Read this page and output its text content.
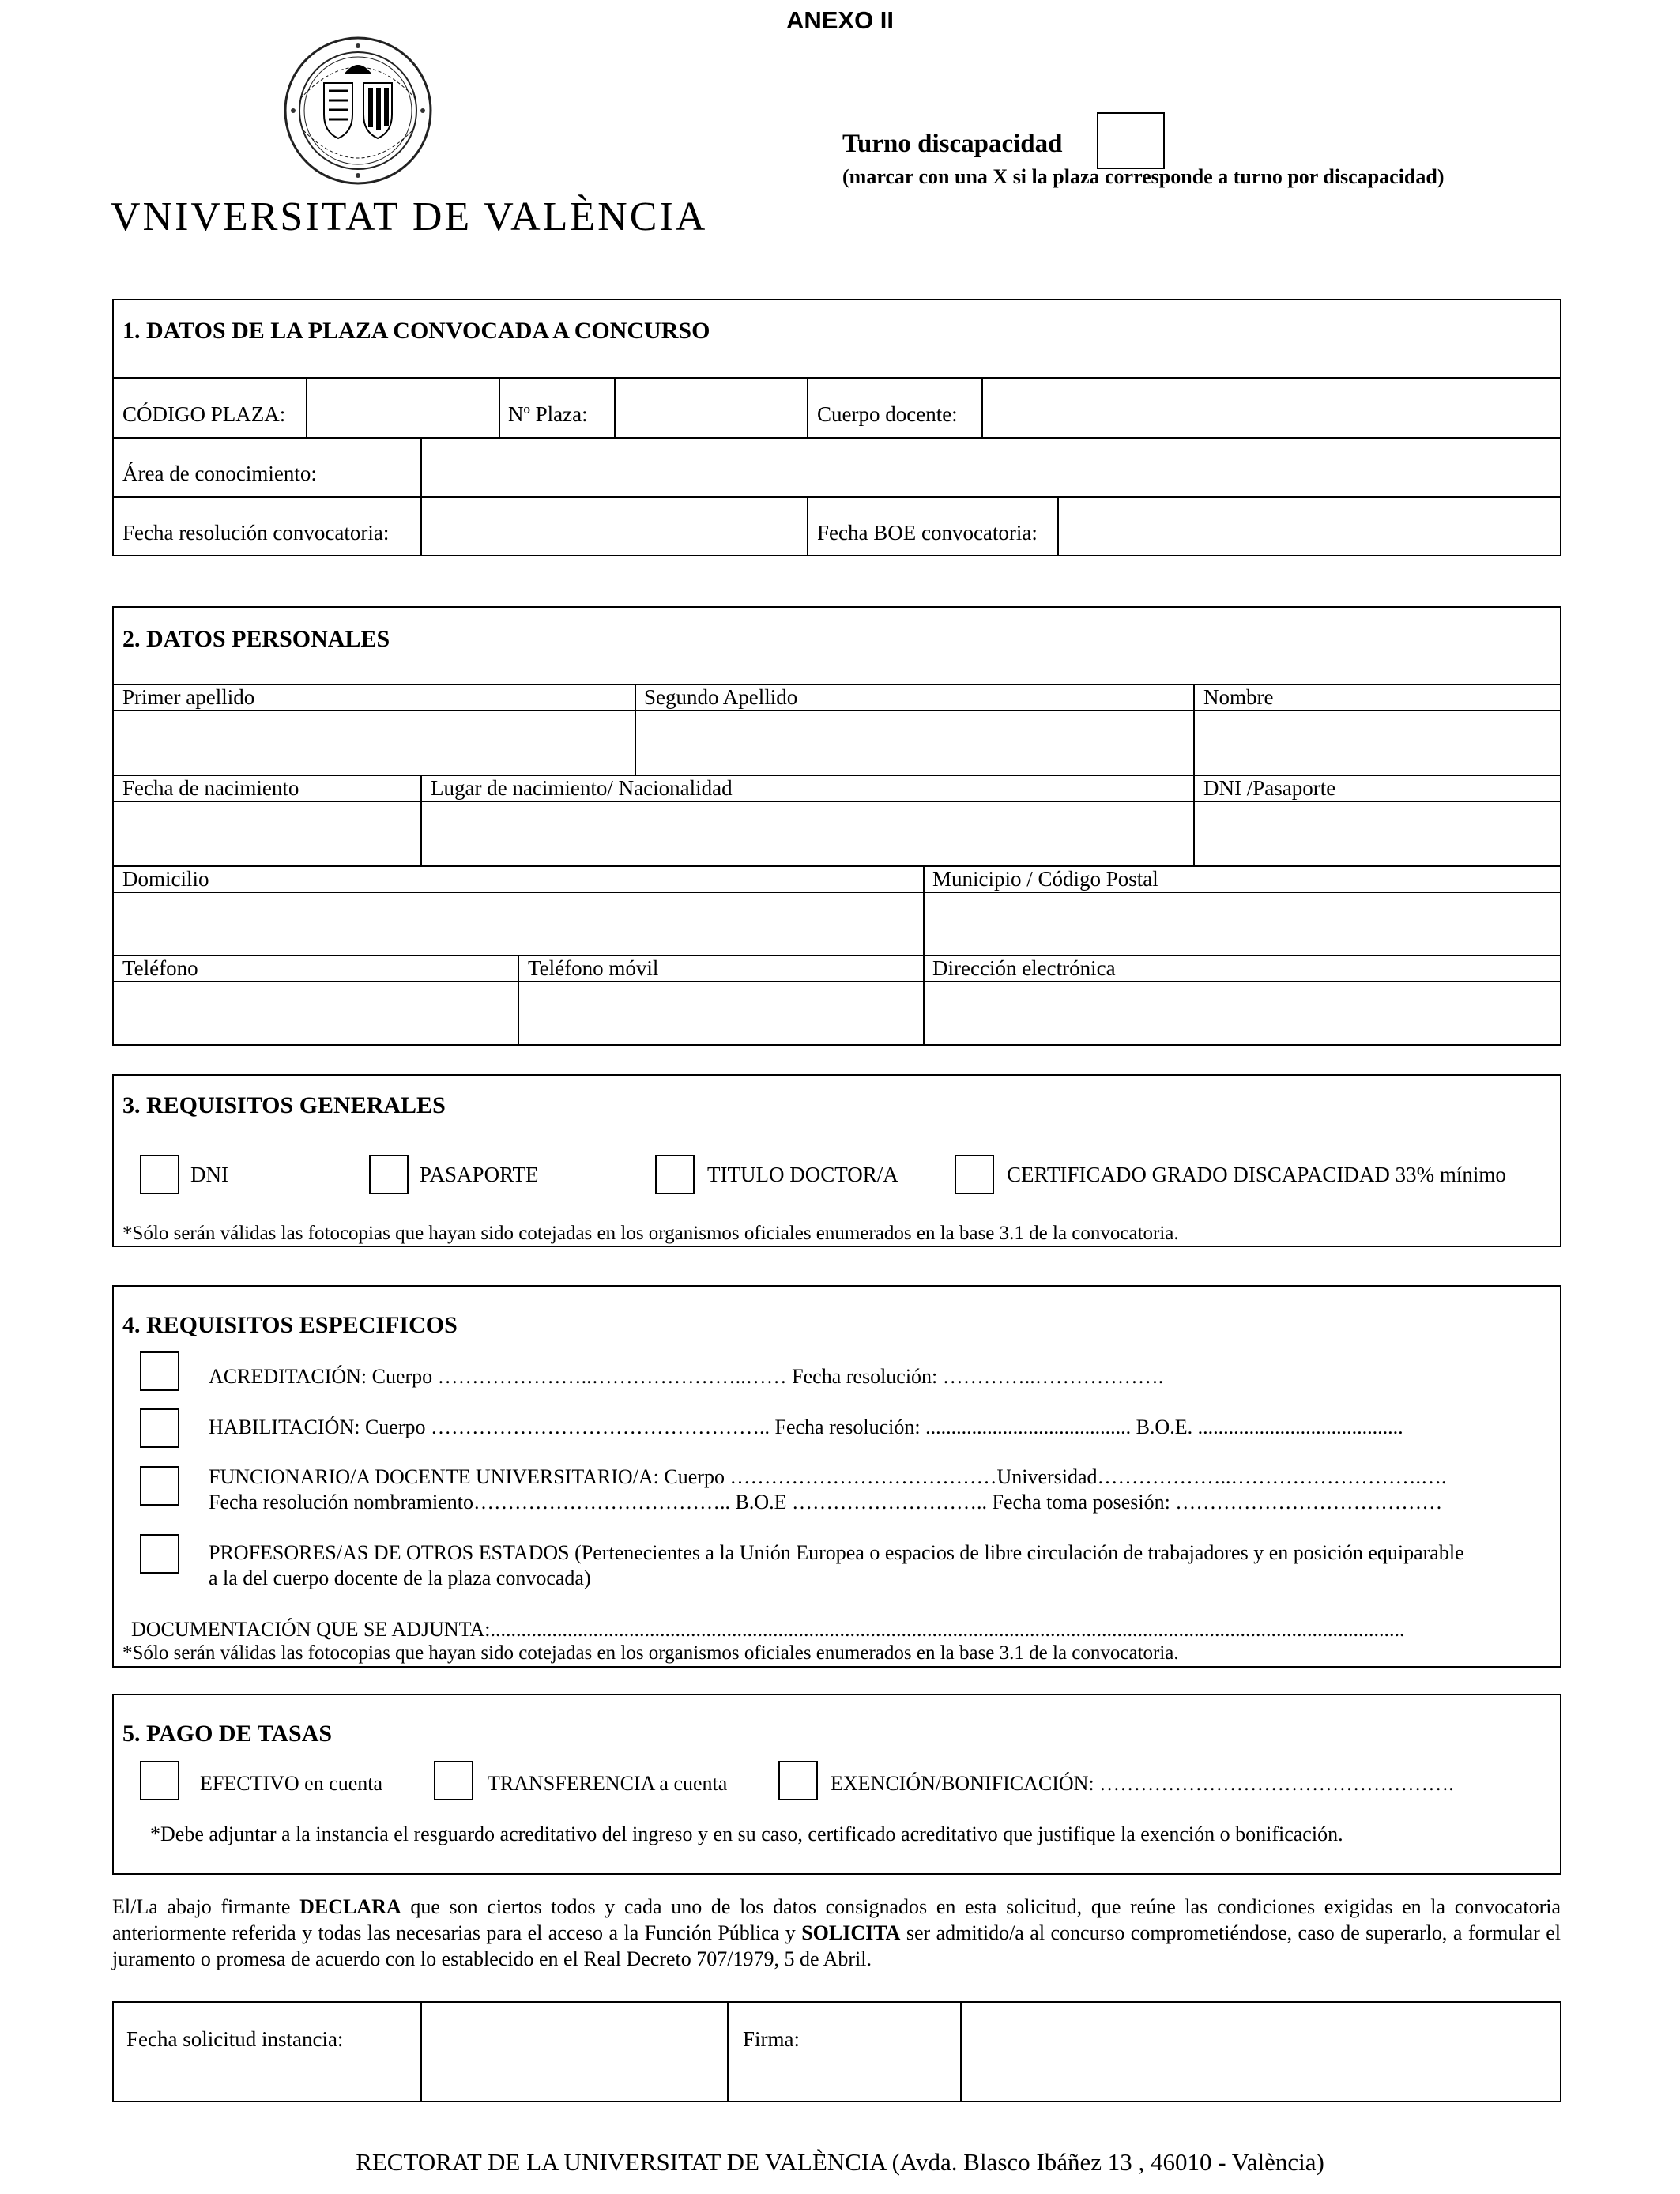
ANEXO II
VNIVERSITAT DE VALÈNCIA
Turno discapacidad
(marcar con una X si la plaza corresponde a turno por discapacidad)
1. DATOS DE LA PLAZA CONVOCADA A CONCURSO
CÓDIGO PLAZA:	Nº Plaza:	Cuerpo docente:
Área de conocimiento:
Fecha resolución convocatoria:	Fecha BOE convocatoria:
2. DATOS PERSONALES
Primer apellido	Segundo Apellido	Nombre
Fecha de nacimiento	Lugar de nacimiento/ Nacionalidad	DNI /Pasaporte
Domicilio	Municipio / Código Postal
Teléfono	Teléfono móvil	Dirección electrónica
3. REQUISITOS GENERALES
DNI	PASAPORTE	TITULO DOCTOR/A	CERTIFICADO GRADO DISCAPACIDAD 33% mínimo
*Sólo serán válidas las fotocopias que hayan sido cotejadas en los organismos oficiales enumerados en la base 3.1 de la convocatoria.
4. REQUISITOS ESPECIFICOS
ACREDITACIÓN: Cuerpo …………………..…………………..…… Fecha resolución: …………..……………….
HABILITACIÓN: Cuerpo ………………………………………….. Fecha resolución: ........................................ B.O.E. ........................................
FUNCIONARIO/A DOCENTE UNIVERSITARIO/A: Cuerpo …………………………………Universidad………………..……………………….….
Fecha resolución nombramiento……………………………….. B.O.E ……………………….. Fecha toma posesión: …………………………………
PROFESORES/AS DE OTROS ESTADOS (Pertenecientes a la Unión Europea o espacios de libre circulación de trabajadores y en posición equiparable
a la del cuerpo docente de la plaza convocada)
DOCUMENTACIÓN QUE SE ADJUNTA:..................................................................................................................................................................................
*Sólo serán válidas las fotocopias que hayan sido cotejadas en los organismos oficiales enumerados en la base 3.1 de la convocatoria.
5. PAGO DE TASAS
EFECTIVO en cuenta	TRANSFERENCIA a cuenta	EXENCIÓN/BONIFICACIÓN: …………………………………………….
*Debe adjuntar a la instancia el resguardo acreditativo del ingreso y en su caso, certificado acreditativo que justifique la exención o bonificación.
El/La abajo firmante DECLARA que son ciertos todos y cada uno de los datos consignados en esta solicitud, que reúne las condiciones exigidas en la convocatoria anteriormente referida y todas las necesarias para el acceso a la Función Pública y SOLICITA ser admitido/a al concurso comprometiéndose, caso de superarlo, a formular el juramento o promesa de acuerdo con lo establecido en el Real Decreto 707/1979, 5 de Abril.
Fecha solicitud instancia:	Firma:
RECTORAT DE LA UNIVERSITAT DE VALÈNCIA (Avda. Blasco Ibáñez 13 , 46010 - València)
